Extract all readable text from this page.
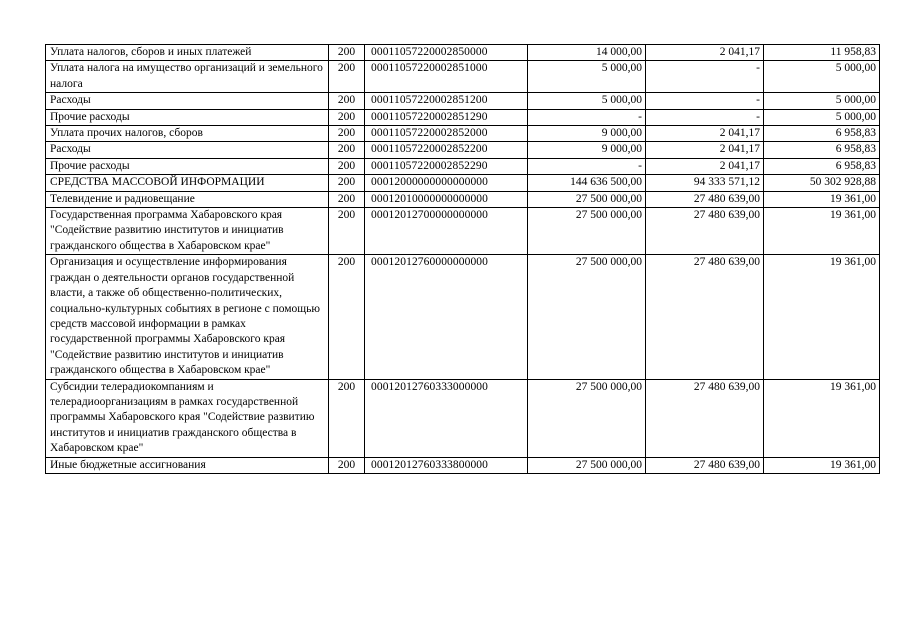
Уплата налогов, сборов и иных платежей	200	00011057220002850000	14 000,00	2 041,17	11 958,83
Уплата налога на имущество организаций и земельного налога	200	00011057220002851000	5 000,00	-	5 000,00
Расходы	200	00011057220002851200	5 000,00	-	5 000,00
Прочие расходы	200	00011057220002851290	-	-	5 000,00
Уплата прочих налогов, сборов	200	00011057220002852000	9 000,00	2 041,17	6 958,83
Расходы	200	00011057220002852200	9 000,00	2 041,17	6 958,83
Прочие расходы	200	00011057220002852290	-	2 041,17	6 958,83
СРЕДСТВА МАССОВОЙ ИНФОРМАЦИИ	200	00012000000000000000	144 636 500,00	94 333 571,12	50 302 928,88
Телевидение и радиовещание	200	00012010000000000000	27 500 000,00	27 480 639,00	19 361,00
Государственная программа Хабаровского края "Содействие развитию институтов и инициатив гражданского общества в Хабаровском крае"	200	00012012700000000000	27 500 000,00	27 480 639,00	19 361,00
Организация и осуществление информирования граждан о деятельности органов государственной власти, а также об общественно-политических, социально-культурных событиях в регионе с помощью средств массовой информации в рамках государственной программы Хабаровского края "Содействие развитию институтов и инициатив гражданского общества в Хабаровском крае"	200	00012012760000000000	27 500 000,00	27 480 639,00	19 361,00
Субсидии телерадиокомпаниям и телерадиоорганизациям в рамках государственной программы Хабаровского края "Содействие развитию институтов и инициатив гражданского общества в Хабаровском крае"	200	00012012760333000000	27 500 000,00	27 480 639,00	19 361,00
Иные бюджетные ассигнования	200	00012012760333800000	27 500 000,00	27 480 639,00	19 361,00
